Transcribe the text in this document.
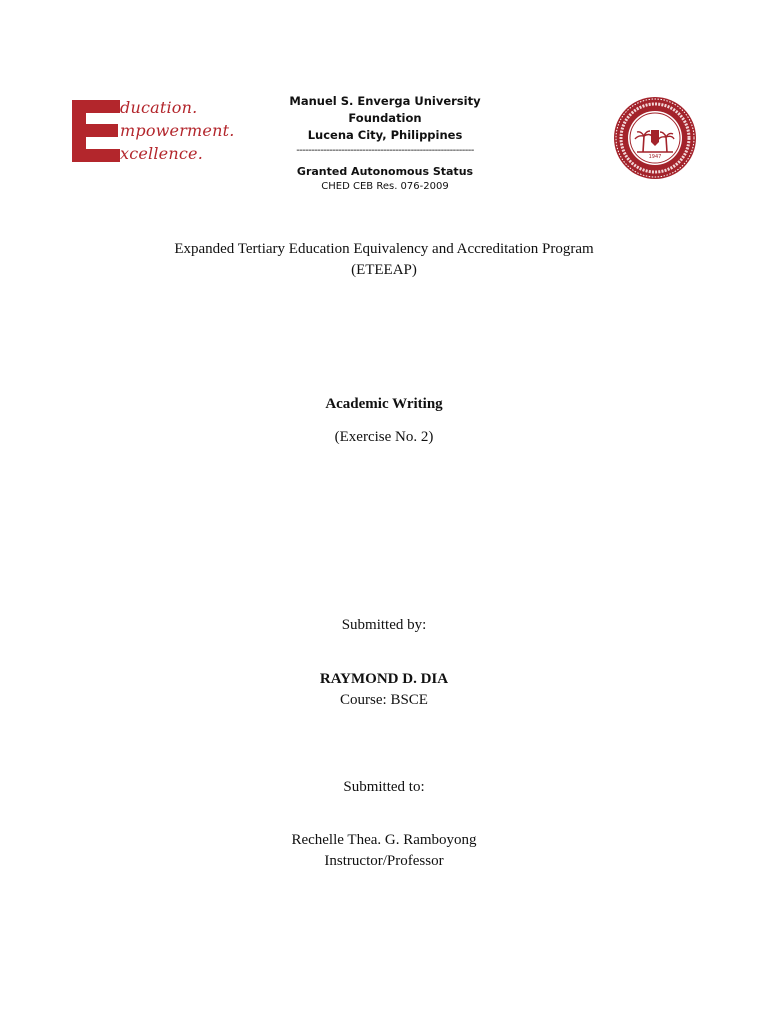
ducation.
mpowerment.
xcellence.
Manuel S. Enverga University Foundation
Lucena City, Philippines
-----------------------------------------------------------
Granted Autonomous Status
CHED CEB Res. 076-2009
1947
Expanded Tertiary Education Equivalency and Accreditation Program
(ETEEAP)
Academic Writing
(Exercise No. 2)
Submitted by:
RAYMOND D. DIA
Course: BSCE
Submitted to:
Rechelle Thea. G. Ramboyong
Instructor/Professor
